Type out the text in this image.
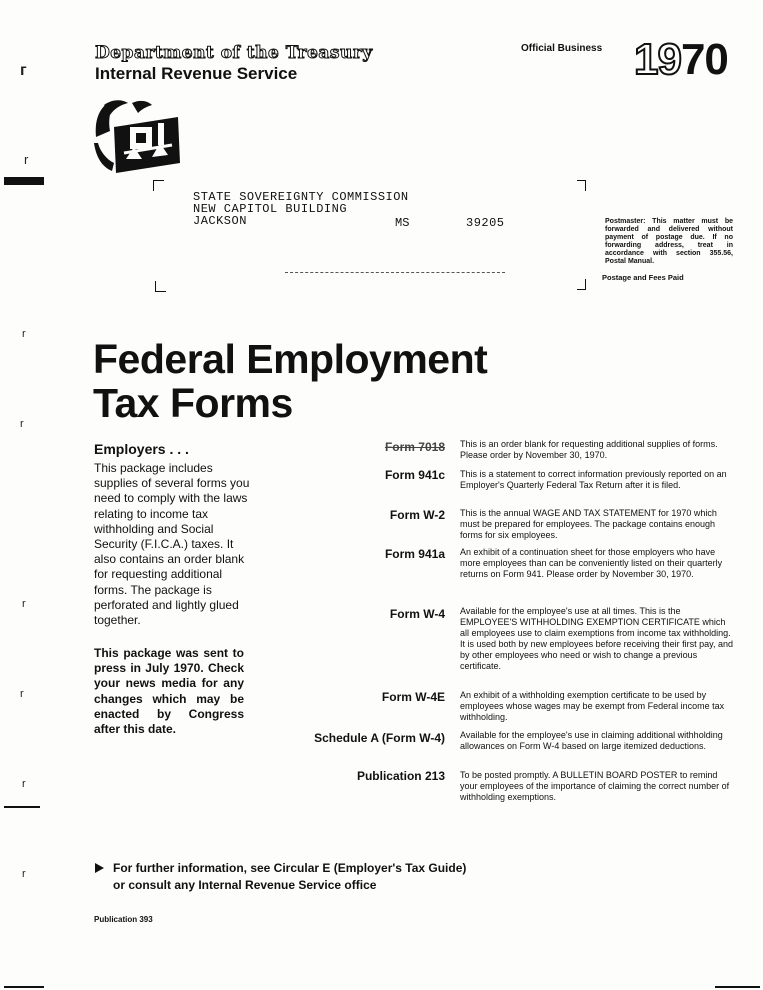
ᴦ
r
r
r
r
r
r
r
Department of the Treasury
Internal Revenue Service
Official Business 1970
STATE SOVEREIGNTY COMMISSION
NEW CAPITOL BUILDING
JACKSON	MS	39205	Postmaster: This matter must be forwarded and delivered without payment of postage due. If no forwarding address, treat in accordance with section 355.56, Postal Manual.
Postage and Fees Paid
Federal Employment
Tax Forms
Employers . . .
This package includes supplies of several forms you need to comply with the laws relating to income tax withholding and Social Security (F.I.C.A.) taxes. It also contains an order blank for requesting additional forms. The package is perforated and lightly glued together.
This package was sent to press in July 1970. Check your news media for any changes which may be enacted by Congress after this date.
Form 7018 This is an order blank for requesting additional supplies of forms. Please order by November 30, 1970.
Form 941c This is a statement to correct information previously reported on an Employer's Quarterly Federal Tax Return after it is filed.
Form W-2 This is the annual WAGE AND TAX STATEMENT for 1970 which must be prepared for employees. The package contains enough forms for six employees.
Form 941a An exhibit of a continuation sheet for those employers who have more employees than can be conveniently listed on their quarterly returns on Form 941. Please order by November 30, 1970.
Form W-4 Available for the employee's use at all times. This is the EMPLOYEE'S WITHHOLDING EXEMPTION CERTIFICATE which all employees use to claim exemptions from income tax withholding. It is used both by new employees before receiving their first pay, and by other employees who need or wish to change a previous certificate.
Form W-4E An exhibit of a withholding exemption certificate to be used by employees whose wages may be exempt from Federal income tax withholding.
Schedule A (Form W-4) Available for the employee's use in claiming additional withholding allowances on Form W-4 based on large itemized deductions.
Publication 213 To be posted promptly. A BULLETIN BOARD POSTER to remind your employees of the importance of claiming the correct number of withholding exemptions.
For further information, see Circular E (Employer's Tax Guide)
or consult any Internal Revenue Service office
Publication 393
